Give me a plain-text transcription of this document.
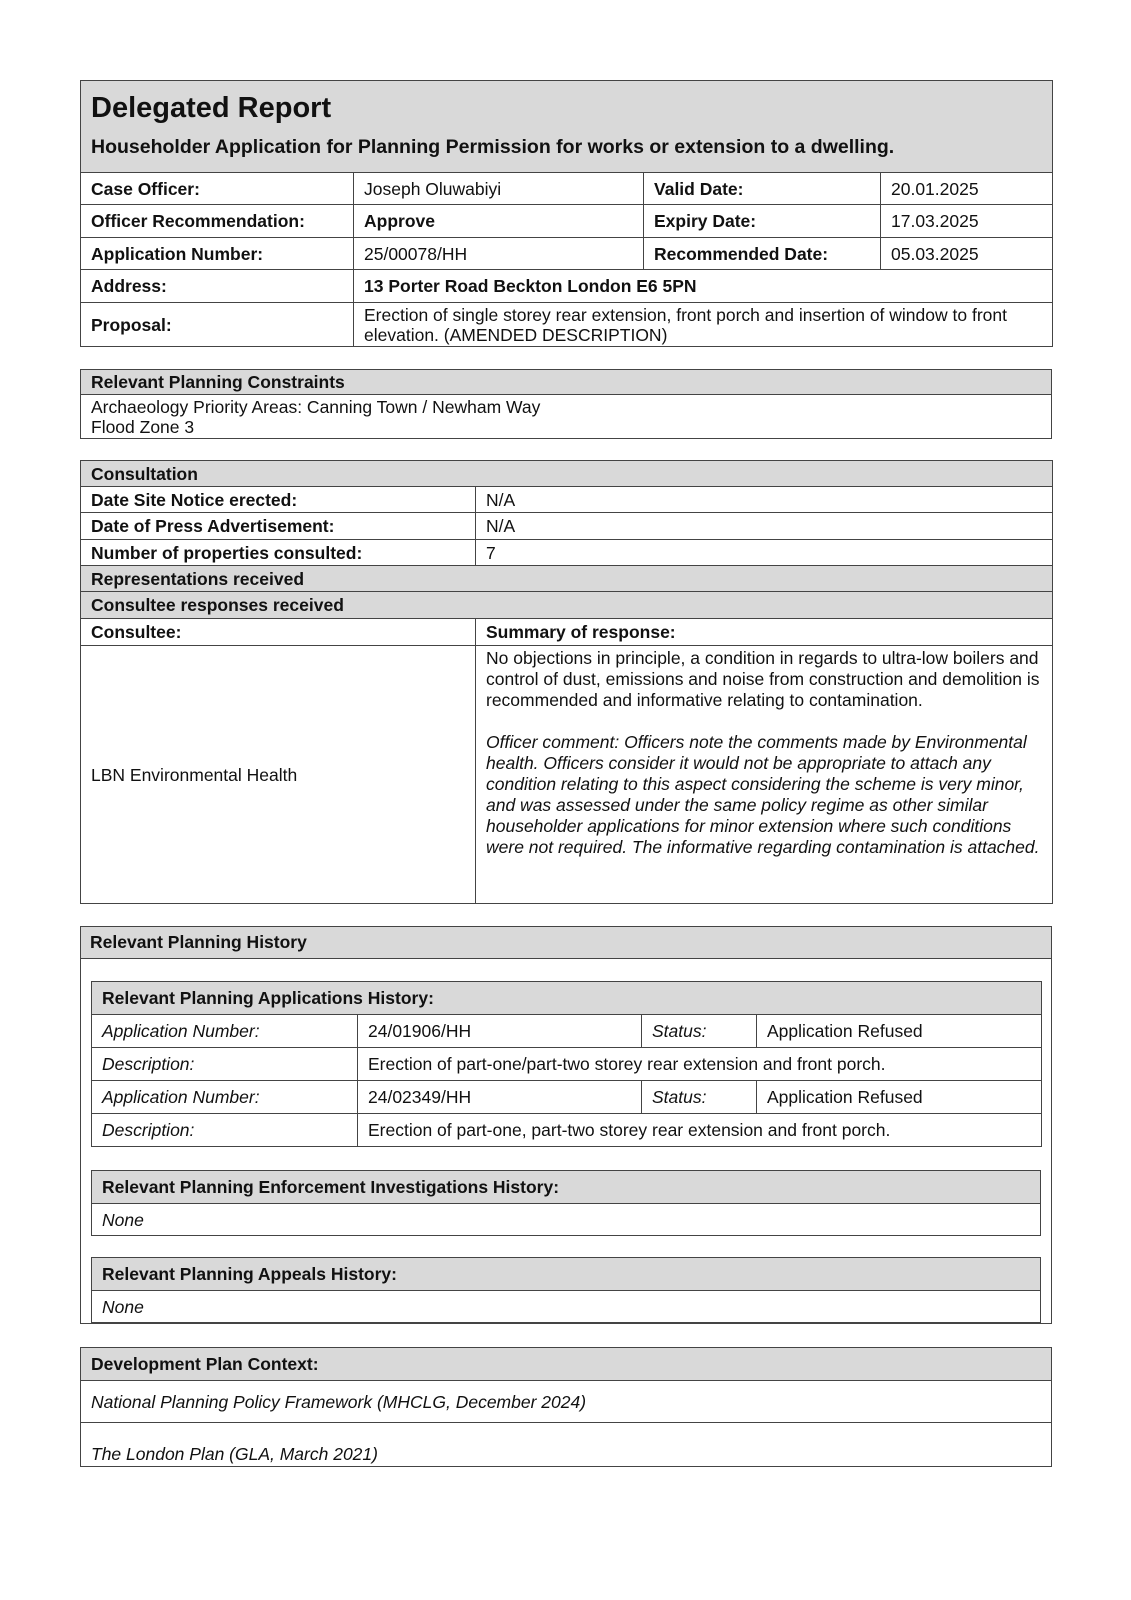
Delegated Report
Householder Application for Planning Permission for works or extension to a dwelling.			

Case Officer:	Joseph Oluwabiyi	Valid Date:	20.01.2025
Officer Recommendation:	Approve	Expiry Date:	17.03.2025
Application Number:	25/00078/HH	Recommended Date:	05.03.2025
Address:	13 Porter Road Beckton London E6 5PN		
Proposal:	Erection of single storey rear extension, front porch and insertion of window to front elevation. (AMENDED DESCRIPTION)		
Relevant Planning Constraints

Archaeology Priority Areas: Canning Town / Newham Way
Flood Zone 3
Consultation	
Date Site Notice erected:	N/A
Date of Press Advertisement:	N/A
Number of properties consulted:	7
Representations received	
Consultee responses received	
Consultee:	Summary of response:
LBN Environmental Health	No objections in principle, a condition in regards to ultra-low boilers and control of dust, emissions and noise from construction and demolition is recommended and informative relating to contamination.
Officer comment: Officers note the comments made by Environmental health. Officers consider it would not be appropriate to attach any condition relating to this aspect considering the scheme is very minor, and was assessed under the same policy regime as other similar householder applications for minor extension where such conditions were not required. The informative regarding contamination is attached.
Relevant Planning History
Relevant Planning Applications History:			
Application Number:	24/01906/HH	Status:	Application Refused
Description:	Erection of part-one/part-two storey rear extension and front porch.		
Application Number:	24/02349/HH	Status:	Application Refused
Description:	Erection of part-one, part-two storey rear extension and front porch.		
Relevant Planning Enforcement Investigations History:
None
Relevant Planning Appeals History:
None
Development Plan Context:
National Planning Policy Framework (MHCLG, December 2024)
The London Plan (GLA, March 2021)
